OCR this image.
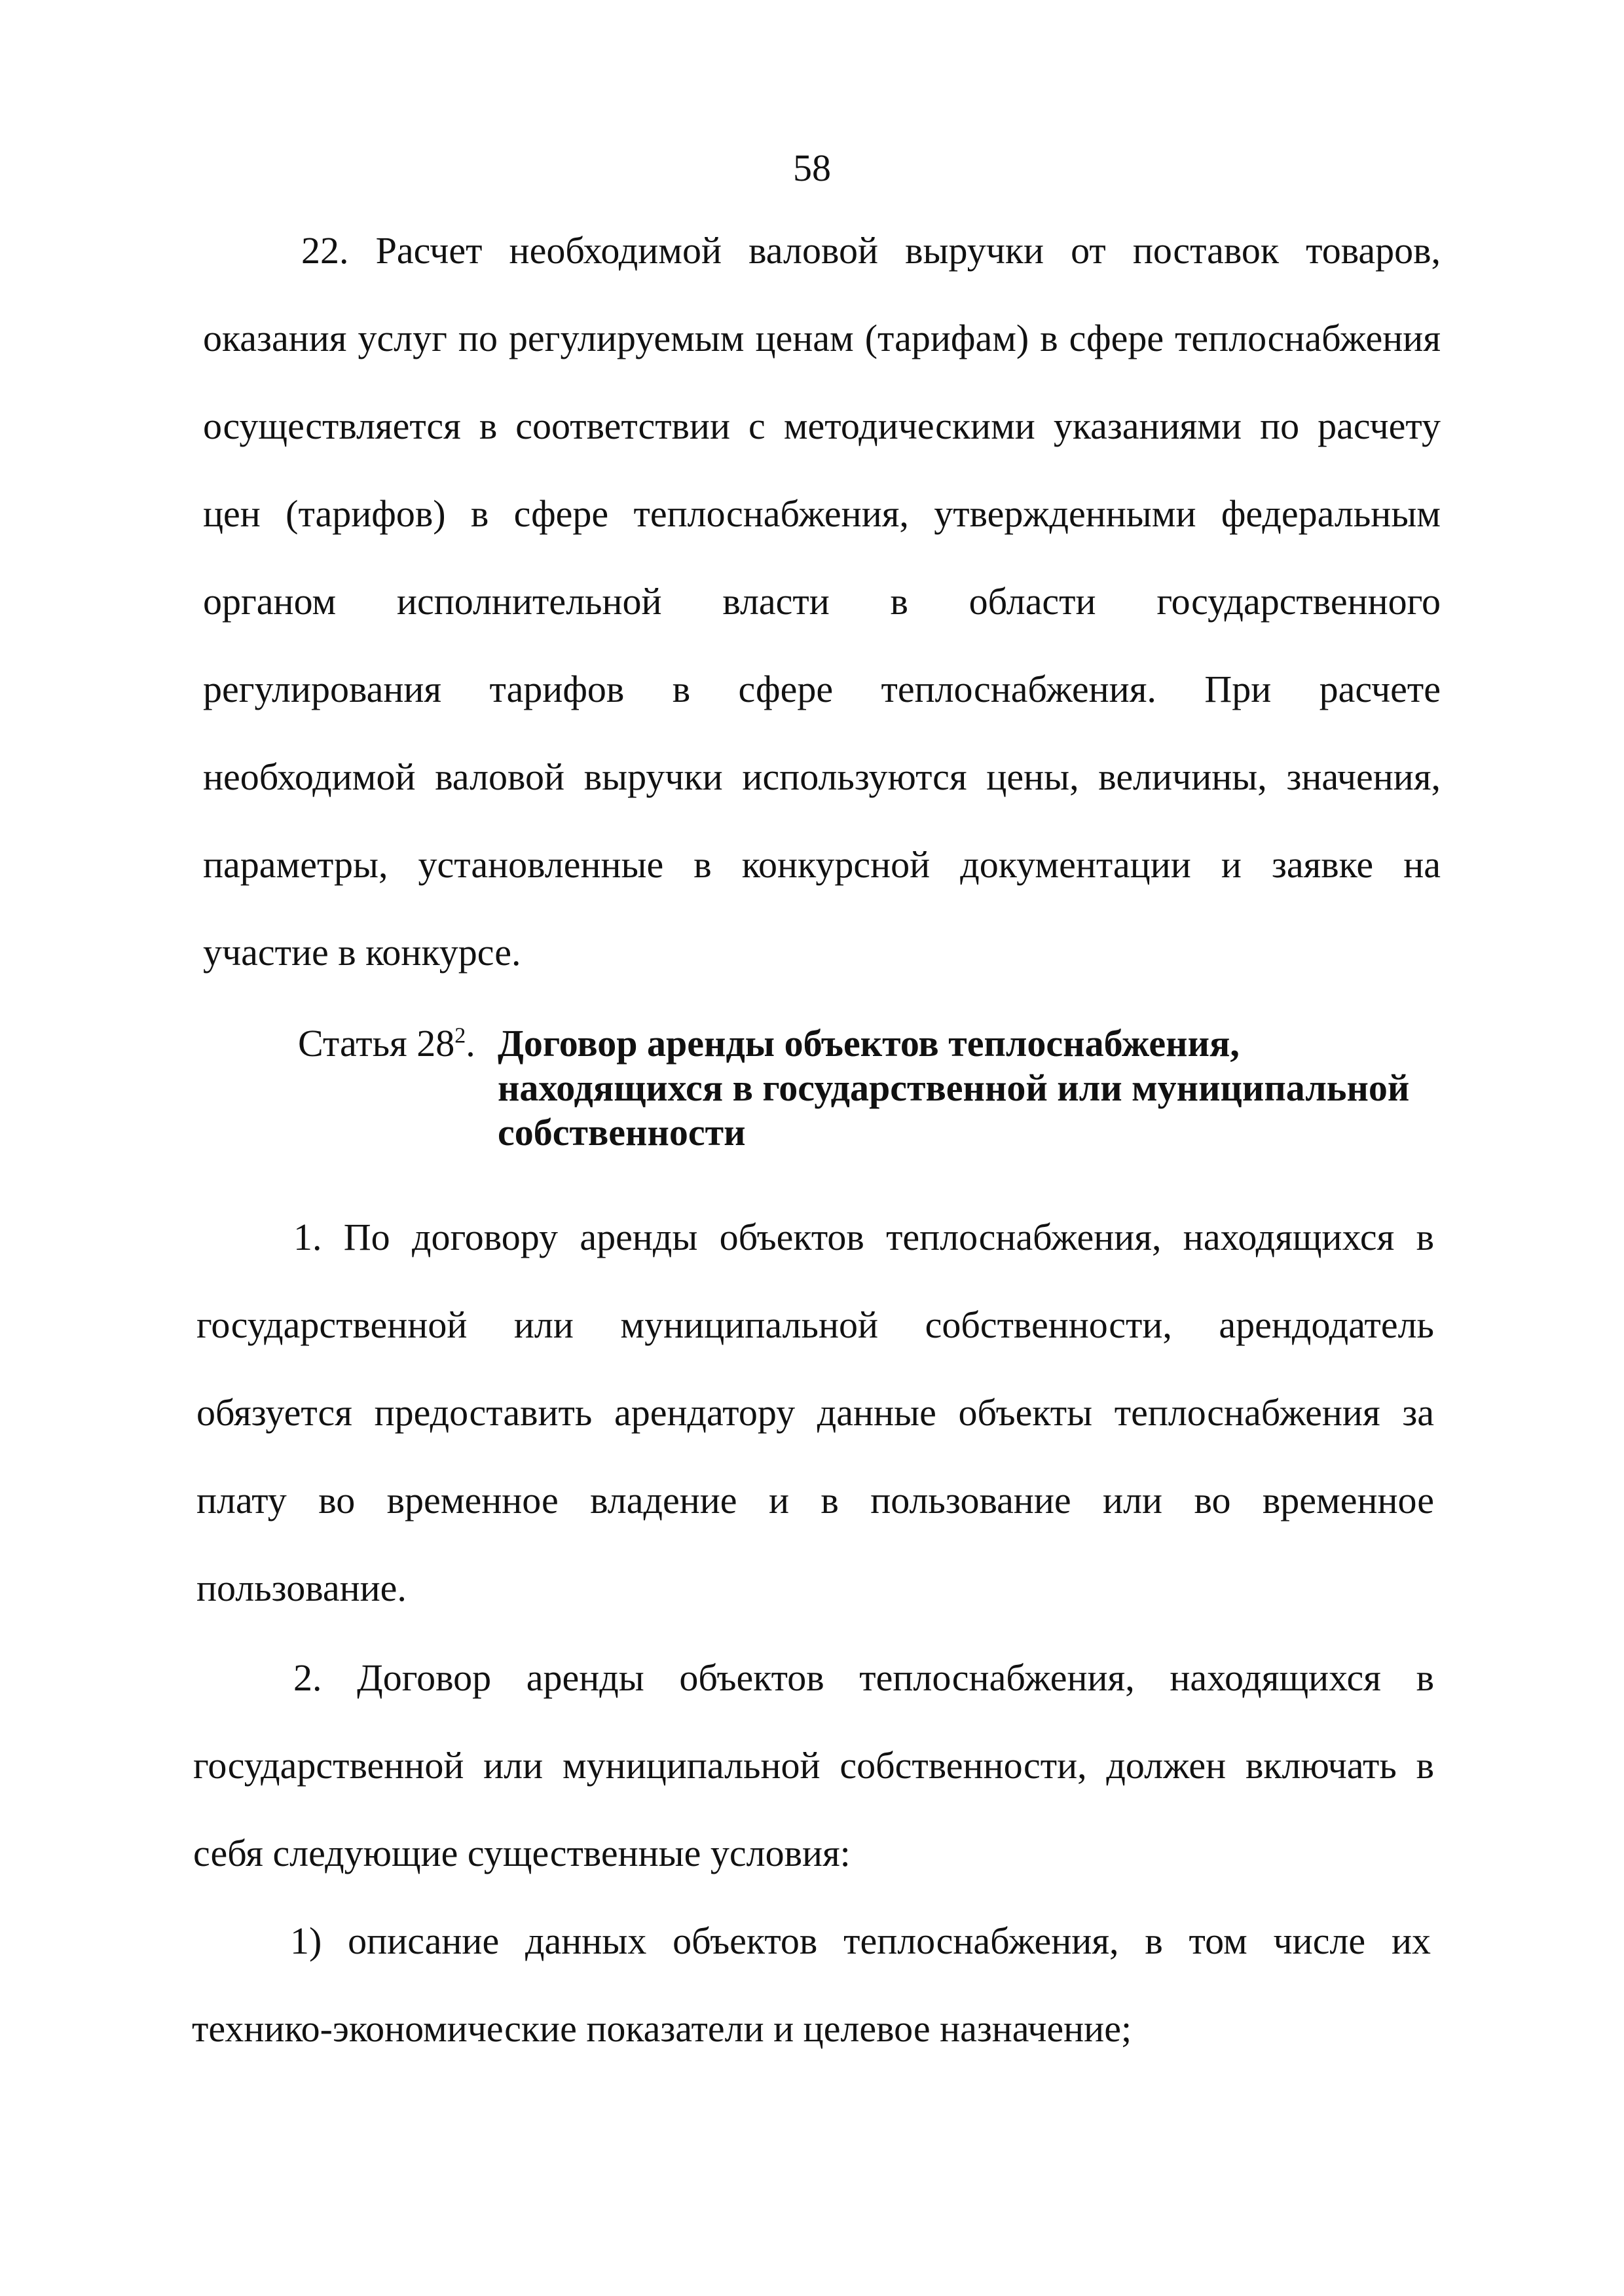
58
22. Расчет необходимой валовой выручки от поставок товаров,
оказания услуг по регулируемым ценам (тарифам) в сфере теплоснабжения
осуществляется в соответствии с методическими указаниями по расчету
цен (тарифов) в сфере теплоснабжения, утвержденными федеральным
органом исполнительной власти в области государственного
регулирования тарифов в сфере теплоснабжения. При расчете
необходимой валовой выручки используются цены, величины, значения,
параметры, установленные в конкурсной документации и заявке на
участие в конкурсе.
Статья $28^2$. Договор аренды объектов теплоснабжения,
находящихся в государственной или муниципальной
собственности
1. По договору аренды объектов теплоснабжения, находящихся в
государственной или муниципальной собственности, арендодатель
обязуется предоставить арендатору данные объекты теплоснабжения за
плату во временное владение и в пользование или во временное
пользование.
2. Договор аренды объектов теплоснабжения, находящихся в
государственной или муниципальной собственности, должен включать в
себя следующие существенные условия:
1) описание данных объектов теплоснабжения, в том числе их
технико-экономические показатели и целевое назначение;
